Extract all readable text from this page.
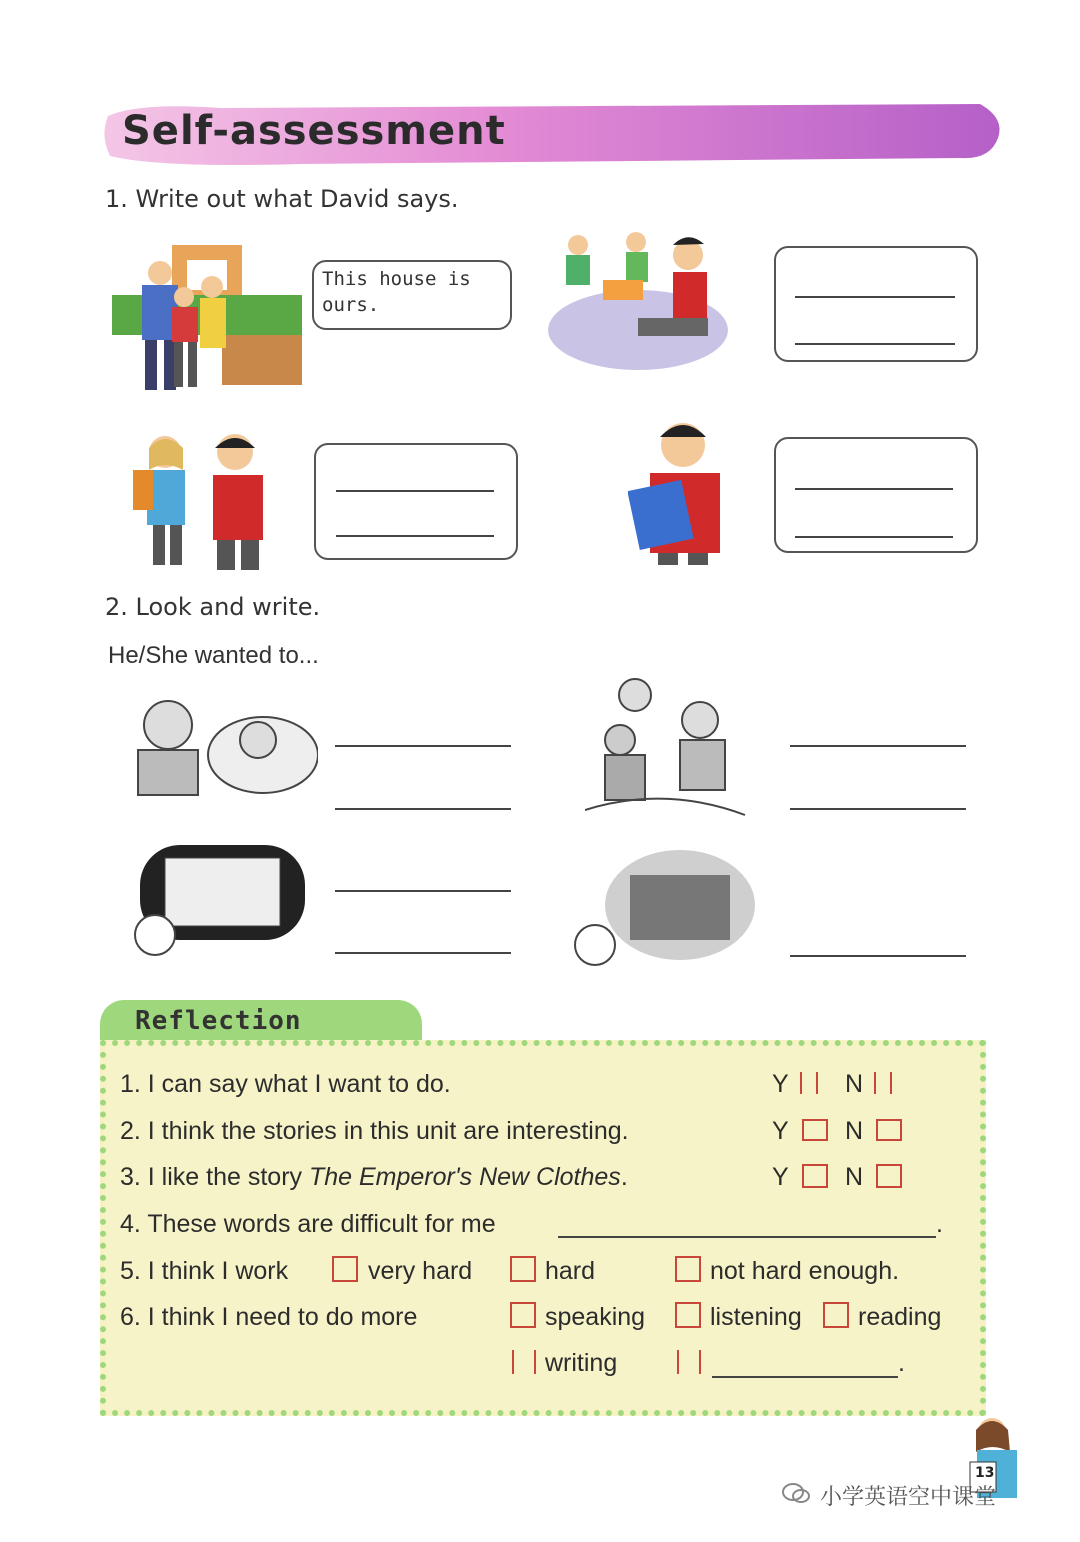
Self-assessment
1. Write out what David says.
This house is
ours.
2. Look and write.
He/She wanted to...
Reflection
1. I can say what I want to do.	Y N
2. I think the stories in this unit are interesting.	Y N
3. I like the story The Emperor's New Clothes.	Y N
4. These words are difficult for me	.
5. I think I work	very hard	hard	not hard enough.
6. I think I need to do more	speaking	listening reading
writing	.
13
小学英语空中课堂
